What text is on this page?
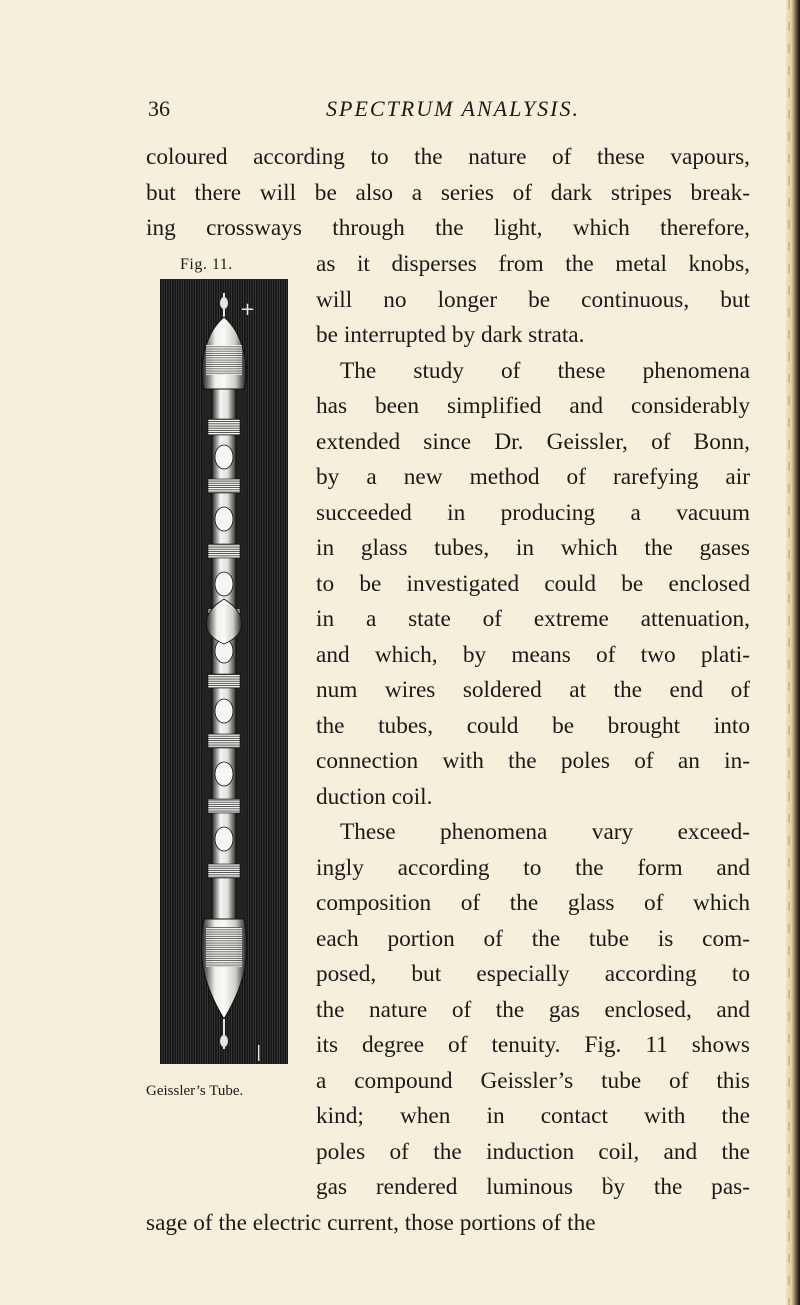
36	SPECTRUM ANALYSIS.
coloured according to the nature of these vapours,
but there will be also a series of dark stripes break-
ing crossways through the light, which therefore,
Fig. 11.	as it disperses from the metal knobs,
will no longer be continuous, but
be interrupted by dark strata.
The study of these phenomena
has been simplified and considerably
extended since Dr. Geissler, of Bonn,
by a new method of rarefying air
succeeded in producing a vacuum
in glass tubes, in which the gases
to be investigated could be enclosed
in a state of extreme attenuation,
and which, by means of two plati-
num wires soldered at the end of
the tubes, could be brought into
connection with the poles of an in-
duction coil.
These phenomena vary exceed-
ingly according to the form and
composition of the glass of which
each portion of the tube is com-
posed, but especially according to
the nature of the gas enclosed, and
its degree of tenuity. Fig. 11 shows
a compound Geissler’s tube of this
kind; when in contact with the
poles of the induction coil, and the
gas rendered luminous by the pas-
sage of the electric current, those portions of the
Geissler’s Tube.
+
|
